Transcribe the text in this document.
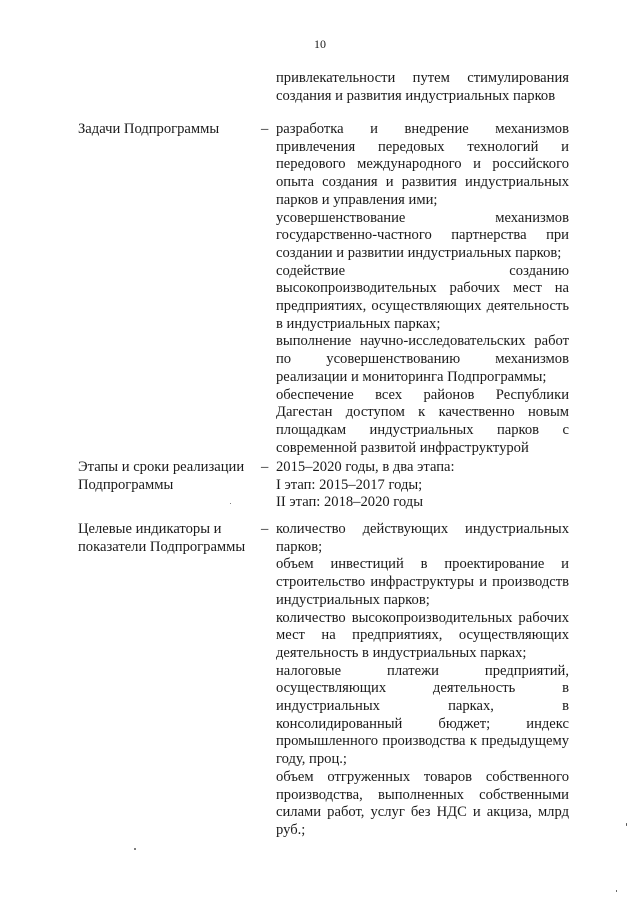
10

привлекательности путем стимулирования

создания и развития индустриальных парков

Задачи Подпрограммы	– разработка и внедрение механизмов привлечения передовых технологий и передового международного и российского опыта создания и развития индустриальных парков и управления ими;

усовершенствование механизмов государственно-частного партнерства при создании и развитии индустриальных парков;

содействие созданию высокопроизводительных рабочих мест на предприятиях, осуществляющих деятельность в индустриальных парках;

выполнение научно-исследовательских работ по усовершенствованию механизмов реализации и мониторинга Подпрограммы;

обеспечение всех районов Республики Дагестан доступом к качественно новым площадкам индустриальных парков с современной развитой инфраструктурой

Этапы и сроки реализации Подпрограммы
– 2015–2020 годы, в два этапа:

I этап: 2015–2017 годы;

II этап: 2018–2020 годы

Целевые индикаторы и показатели Подпрограммы
– количество действующих индустриальных парков;

объем инвестиций в проектирование и строительство инфраструктуры и производств индустриальных парков;

количество высокопроизводительных рабочих мест на предприятиях, осуществляющих деятельность в индустриальных парках;

налоговые платежи предприятий, осуществляющих деятельность в индустриальных парках, в консолидированный бюджет; индекс промышленного производства к предыдущему году, проц.;

объем отгруженных товаров собственного производства, выполненных собственными силами работ, услуг без НДС и акциза, млрд руб.;
